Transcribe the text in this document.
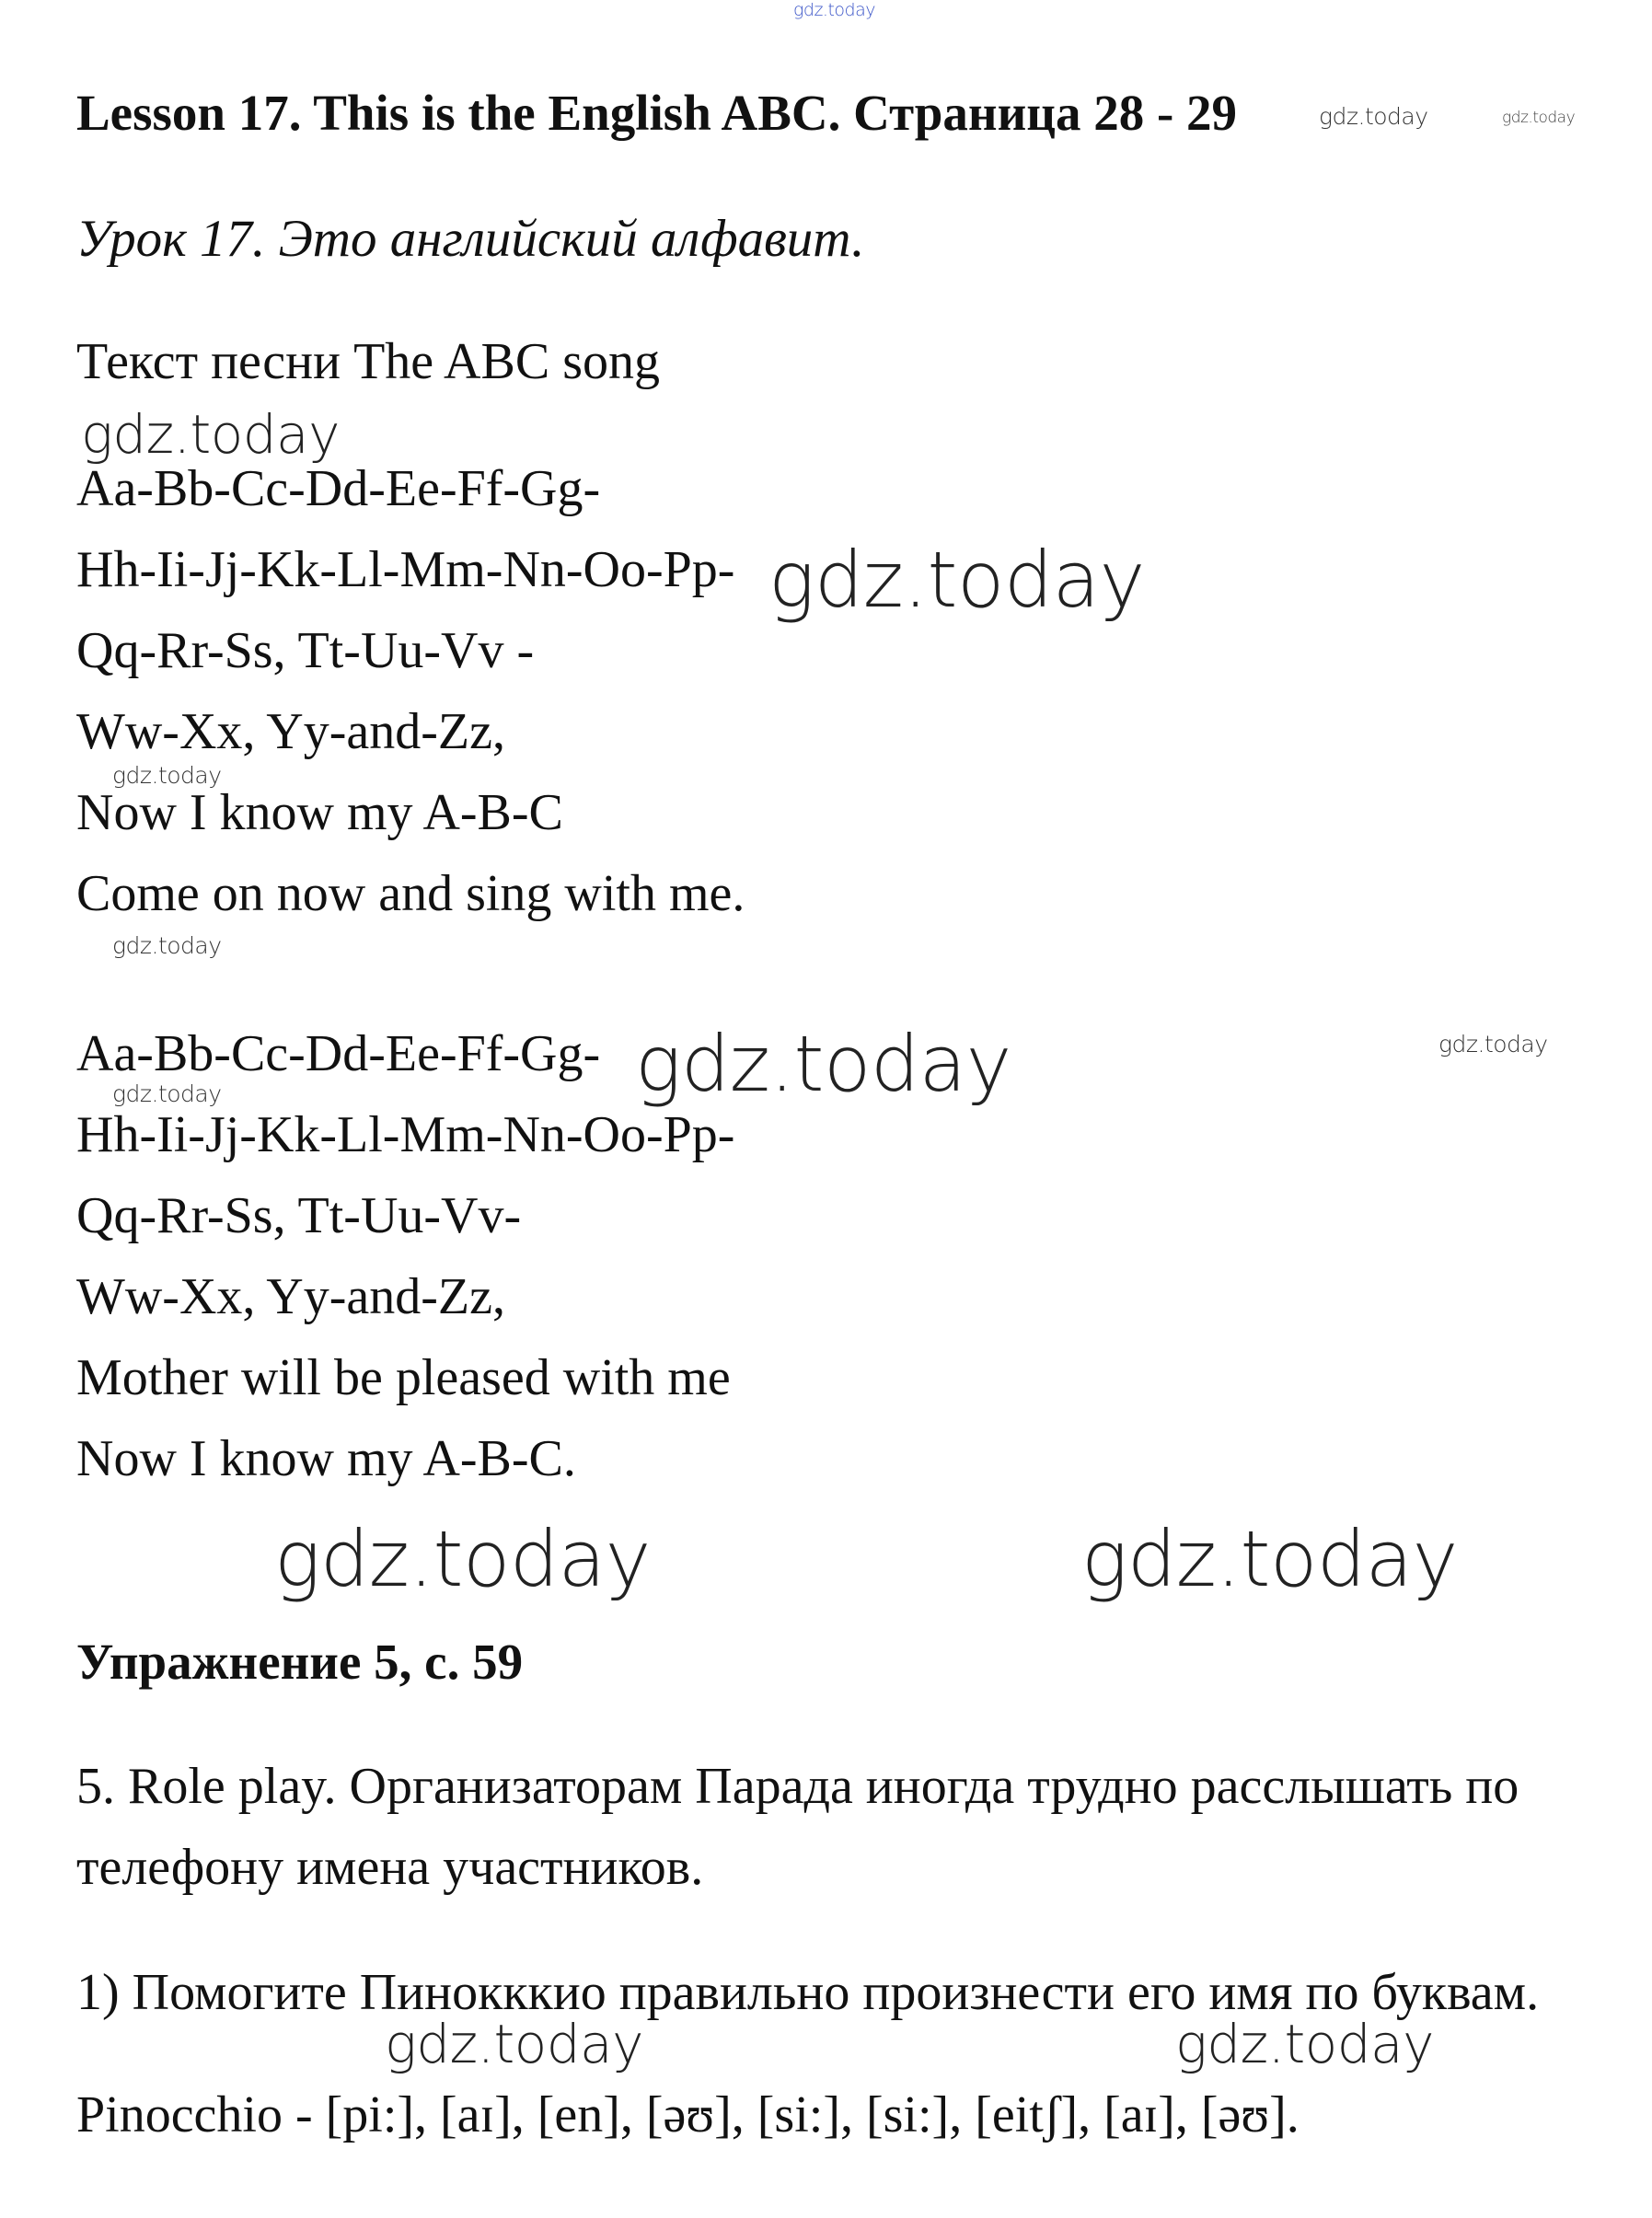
gdz.today
Lesson 17. This is the English ABC. Страница 28 - 29	gdz.today	gdz.today
Урок 17. Это английский алфавит.
Текст песни The ABC song
gdz.today
Aa-Bb-Cc-Dd-Ee-Ff-Gg-
Hh-Ii-Jj-Kk-Ll-Mm-Nn-Oo-Pp- gdz.today
Qq-Rr-Ss, Tt-Uu-Vv -
Ww-Xx, Yy-and-Zz,
gdz.today
Now I know my A-B-C
Come on now and sing with me.
gdz.today
Aa-Bb-Cc-Dd-Ee-Ff-Gg- gdz.today	gdz.today
gdz.today
Hh-Ii-Jj-Kk-Ll-Mm-Nn-Oo-Pp-
Qq-Rr-Ss, Tt-Uu-Vv-
Ww-Xx, Yy-and-Zz,
Mother will be pleased with me
Now I know my A-B-C.
gdz.today	gdz.today
Упражнение 5, с. 59
5. Role play. Организаторам Парада иногда трудно расслышать по
телефону имена участников.
1) Помогите Пинокккио правильно произнести его имя по буквам.
gdz.today	gdz.today
Pinocchio - [pi:], [aɪ], [en], [əʊ], [si:], [si:], [eitʃ], [aɪ], [əʊ].
